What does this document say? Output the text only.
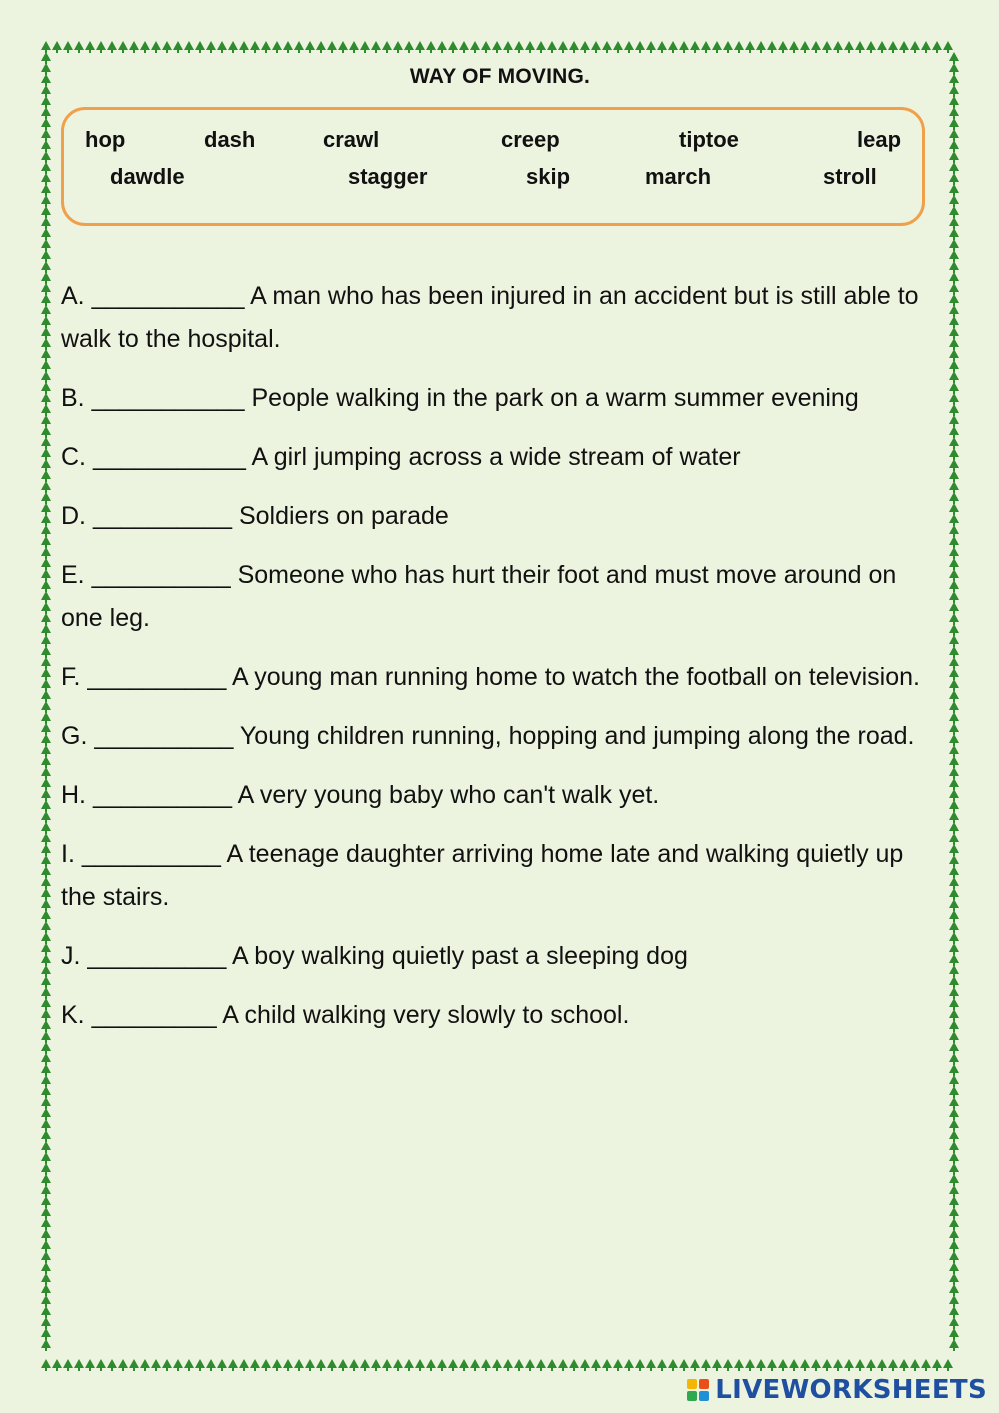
WAY OF MOVING.
hop	dash	crawl	creep	tiptoe	leap
dawdle	stagger	skip	march	stroll
A. ___________ A man who has been injured in an accident but is still able to walk to the hospital.
B. ___________ People walking in the park on a warm summer evening
C. ___________ A girl jumping across a wide stream of water
D. __________ Soldiers on parade
E. __________ Someone who has hurt their foot and must move around on one leg.
F. __________ A young man running home to watch the football on television.
G. __________ Young children running, hopping and jumping along the road.
H. __________ A very young baby who can't walk yet.
I. __________ A teenage daughter arriving home late and walking quietly up the stairs.
J. __________ A boy walking quietly past a sleeping dog
K. _________ A child walking very slowly to school.
LIVEWORKSHEETS
